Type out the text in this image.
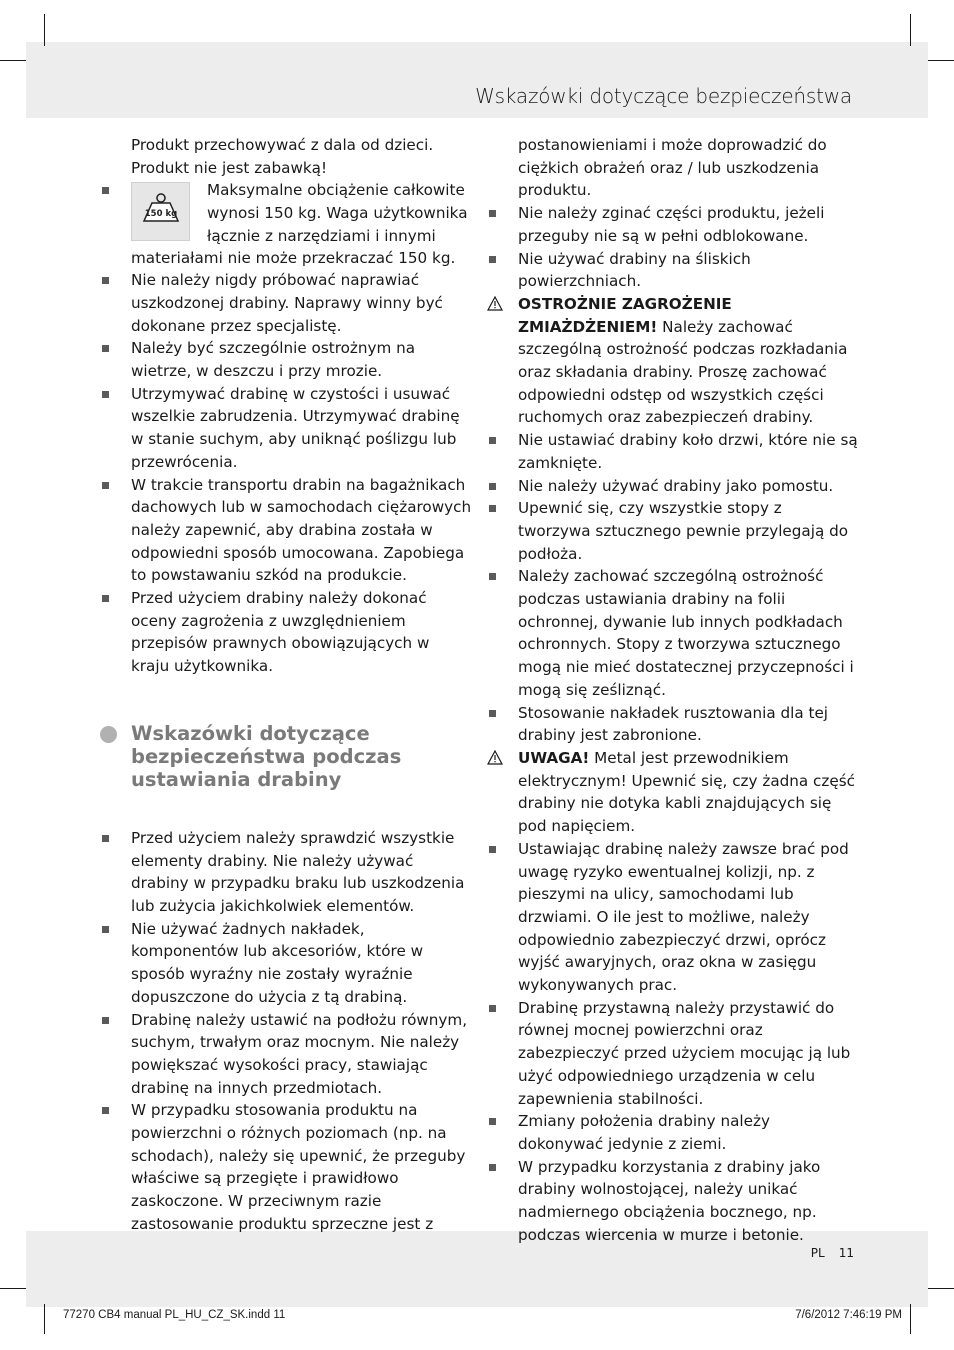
Wskazówki dotyczące bezpieczeństwa
Produkt przechowywać z dala od dzieci.
Produkt nie jest zabawką!
150 kg
Maksymalne obciążenie całkowite wynosi 150 kg. Waga użytkownika łącznie z narzędziami i innymi
materiałami nie może przekraczać 150 kg.
Nie należy nigdy próbować naprawiać uszkodzonej drabiny. Naprawy winny być dokonane przez specjalistę.
Należy być szczególnie ostrożnym na wietrze, w deszczu i przy mrozie.
Utrzymywać drabinę w czystości i usuwać wszelkie zabrudzenia. Utrzymywać drabinę w stanie suchym, aby uniknąć poślizgu lub przewrócenia.
W trakcie transportu drabin na bagażnikach dachowych lub w samochodach ciężarowych należy zapewnić, aby drabina została w odpowiedni sposób umocowana. Zapobiega to powstawaniu szkód na produkcie.
Przed użyciem drabiny należy dokonać oceny zagrożenia z uwzględnieniem przepisów prawnych obowiązujących w kraju użytkownika.
Wskazówki dotyczące bezpieczeństwa podczas ustawiania drabiny
Przed użyciem należy sprawdzić wszystkie elementy drabiny. Nie należy używać drabiny w przypadku braku lub uszkodzenia lub zużycia jakichkolwiek elementów.
Nie używać żadnych nakładek, komponentów lub akcesoriów, które w sposób wyraźny nie zostały wyraźnie dopuszczone do użycia z tą drabiną.
Drabinę należy ustawić na podłożu równym, suchym, trwałym oraz mocnym. Nie należy powiększać wysokości pracy, stawiając drabinę na innych przedmiotach.
W przypadku stosowania produktu na powierzchni o różnych poziomach (np. na schodach), należy się upewnić, że przeguby właściwe są przegięte i prawidłowo zaskoczone. W przeciwnym razie zastosowanie produktu sprzeczne jest z
postanowieniami i może doprowadzić do ciężkich obrażeń oraz / lub uszkodzenia produktu.
Nie należy zginać części produktu, jeżeli przeguby nie są w pełni odblokowane.
Nie używać drabiny na śliskich powierzchniach.
OSTROŻNIE ZAGROŻENIE ZMIAŻDŻENIEM! Należy zachować szczególną ostrożność podczas rozkładania oraz składania drabiny. Proszę zachować odpowiedni odstęp od wszystkich części ruchomych oraz zabezpieczeń drabiny.
Nie ustawiać drabiny koło drzwi, które nie są zamknięte.
Nie należy używać drabiny jako pomostu.
Upewnić się, czy wszystkie stopy z tworzywa sztucznego pewnie przylegają do podłoża.
Należy zachować szczególną ostrożność podczas ustawiania drabiny na folii ochronnej, dywanie lub innych podkładach ochronnych. Stopy z tworzywa sztucznego mogą nie mieć dostatecznej przyczepności i mogą się ześliznąć.
Stosowanie nakładek rusztowania dla tej drabiny jest zabronione.
UWAGA! Metal jest przewodnikiem elektrycznym! Upewnić się, czy żadna część drabiny nie dotyka kabli znajdujących się pod napięciem.
Ustawiając drabinę należy zawsze brać pod uwagę ryzyko ewentualnej kolizji, np. z pieszymi na ulicy, samochodami lub drzwiami. O ile jest to możliwe, należy odpowiednio zabezpieczyć drzwi, oprócz wyjść awaryjnych, oraz okna w zasięgu wykonywanych prac.
Drabinę przystawną należy przystawić do równej mocnej powierzchni oraz zabezpieczyć przed użyciem mocując ją lub użyć odpowiedniego urządzenia w celu zapewnienia stabilności.
Zmiany położenia drabiny należy dokonywać jedynie z ziemi.
W przypadku korzystania z drabiny jako drabiny wolnostojącej, należy unikać nadmiernego obciążenia bocznego, np. podczas wiercenia w murze i betonie.
PL 11
77270 CB4 manual PL_HU_CZ_SK.indd 11	7/6/2012 7:46:19 PM
